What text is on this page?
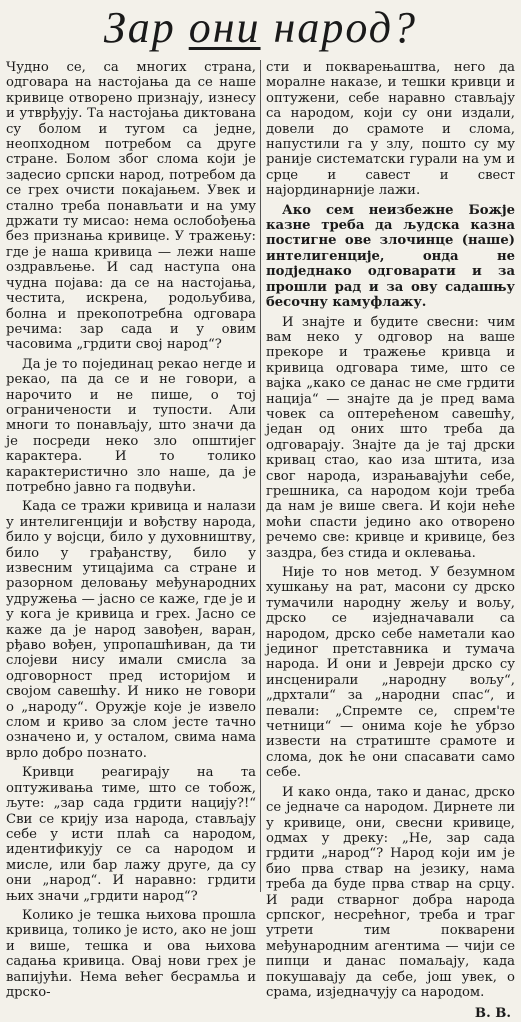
Зар они народ?

Чудно се, са многих страна, одговара на настојања да се наше кривице отворено признају, изнесу и утврђују. Та настојања диктована су болом и тугом са једне, неопходном потребом са друге стране. Болом због слома који је задесио српски народ, потребом да се грех очисти покајањем. Увек и стално треба понављати и на уму држати ту мисао: нема ослобођења без признања кривице. У тражењу: где је наша кривица — лежи наше оздрављење. И сад наступа она чудна појава: да се на настојања, честита, искрена, родољубива, болна и прекопотребна одговара речима: зар сада и у овим часовима „грдити свој народ“?

Да је то појединац рекао негде и рекао, па да се и не говори, а нарочито и не пише, о тој ограничености и тупости. Али многи то понављају, што значи да је посреди неко зло општијег карактера. И то толико карактеристично зло наше, да је потребно јавно га подвући.

Када се тражи кривица и налази у интелигенцији и вођству народа, било у војсци, било у духовништву, било у грађанству, било у извесним утицајима са стране и разорном деловању међународних удружења — јасно се каже, где је и у кога је кривица и грех. Јасно се каже да је народ завођен, варан, рђаво вођен, упропашћиван, да ти слојеви нису имали смисла за одговорност пред историјом и својом савешћу. И нико не говори о „народу“. Оружје које је извело слом и криво за слом јесте тачно означено и, у осталом, свима нама врло добро познато.

Кривци реагирају на та оптуживања тиме, што се тобож, љуте: „зар сада грдити нацију?!“ Сви се крију иза народа, стављају себе у исти плаћ са народом, идентификују се са народом и мисле, или бар лажу друге, да су они „народ“. И наравно: грдити њих значи „грдити народ“?

Колико је тешка њихова прошла кривица, толико је исто, ако не још и више, тешка и ова њихова садања кривица. Овај нови грех је вапијући. Нема већег бесрамља и дрско-

сти и покварењаштва, него да моралне наказе, и тешки кривци и оптужени, себе наравно стављају са народом, који су они издали, довели до срамоте и слома, напустили га у злу, пошто су му раније систематски гурали на ум и срце и савест и свест најординарније лажи.

Ако сем неизбежне Божје казне треба да људска казна постигне ове злочинце (наше) интелигенције, онда не подједнако одговарати и за прошли рад и за ову садашњу бесочну камуфлажу.

И знајте и будите свесни: чим вам неко у одговор на ваше прекоре и тражење кривца и кривица одговара тиме, што се вајка „како се данас не сме грдити нација“ — знајте да је пред вама човек са оптерећеном савешћу, један од оних што треба да одговарају. Знајте да је тај дрски кривац стао, као иза штита, иза свог народа, израњавајући себе, грешника, са народом који треба да нам је више свега. И који неће моћи спасти једино ако отворено речемо све: кривце и кривице, без заздра, без стида и оклевања.

Није то нов метод. У безумном хушкању на рат, масони су дрско тумачили народну жељу и вољу, дрско се изједначавали са народом, дрско себе наметали као јединог претставника и тумача народа. И они и Јевреји дрско су инсценирали „народну вољу“, „дрхтали“ за „народни спас“, и певали: „Спремте се, спрем'те четници“ — онима које ће убрзо извести на стратиште срамоте и слома, док ће они спасавати само себе.

И како онда, тако и данас, дрско се једначе са народом. Дирнете ли у кривице, они, свесни кривице, одмах у дреку: „Не, зар сада грдити „народ“? Народ који им је био прва ствар на језику, нама треба да буде прва ствар на срцу. И ради стварног добра народа српског, несрећног, треба и траг утрети тим покварени међународним агентима — чији се пипци и данас помаљају, када покушавају да себе, још увек, о срама, изједначују са народом.

В. В.
